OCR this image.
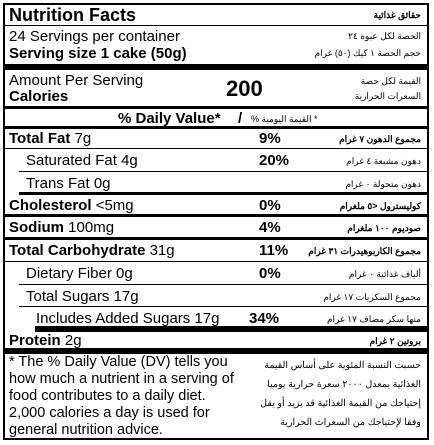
Nutrition Facts	حقائق غذائية
24 Servings per container
Serving size 1 cake (50g)
الحصة لكل عبوة ٢٤
حجم الحصة ١ كيك (٥٠) غرام
Amount Per Serving
Calories	200	القيمة لكل حصة
السعرات الحرارية
% Daily Value* / * القيمة اليومية %
Total Fat 7g	9%	مجموع الدهون ٧ غرام
Saturated Fat 4g	20%	دهون مشبعة ٤ غرام
Trans Fat 0g	دهون متحولة ٠ غرام
Cholesterol <5mg	0%	كوليسترول <٥ ملغرام
Sodium 100mg	4%	صوديوم ١٠٠ ملغرام
Total Carbohydrate 31g	11% مجموع الكاربوهيدرات ٣١ غرام
Dietary Fiber 0g	0%	ألياف غذائية ٠ غرام
Total Sugars 17g	مجموع السكريات ١٧ غرام
Includes Added Sugars 17g 34%	منها سكر مضاف ١٧ غرام
Protein 2g	بروتين ٢ غرام
* The % Daily Value (DV) tells you how much a nutrient in a serving of food contributes to a daily diet. 2,000 calories a day is used for general nutrition advice.
حسبت النسبة المئوية على أساس القيمة الغذائية بمعدل ٢٠٠٠ سعرة حرارية يوميا إحتياجك من القيمة الغذائية قد يزيد أو يقل وفقا لإحتياجك من السعرات الحرارية
